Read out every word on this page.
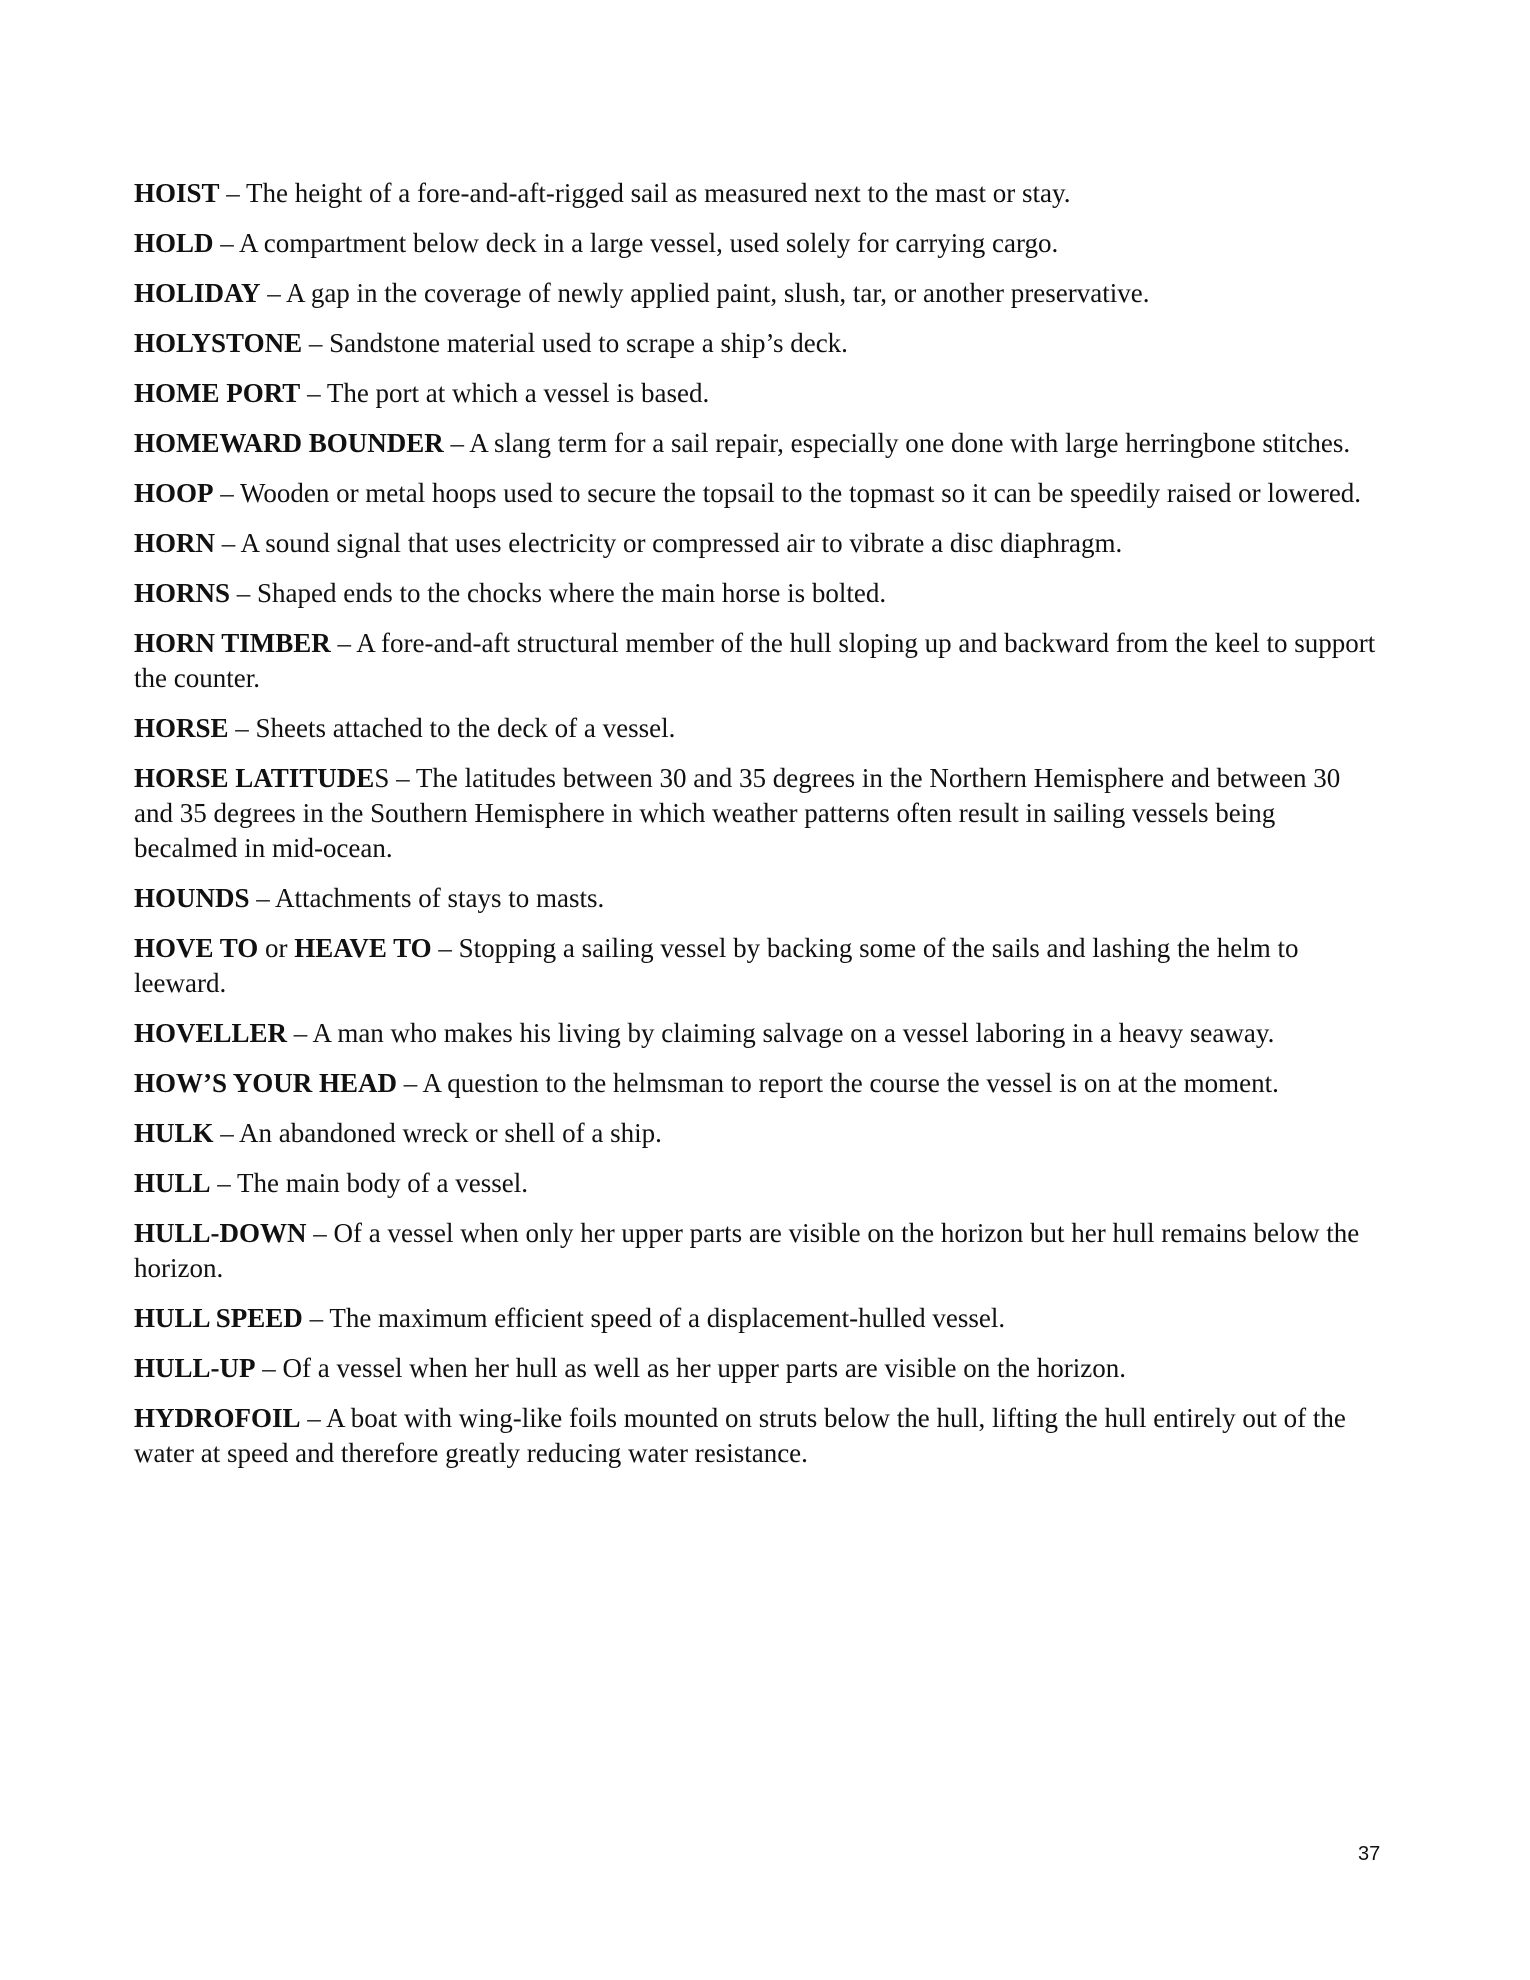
HOIST – The height of a fore-and-aft-rigged sail as measured next to the mast or stay.

HOLD – A compartment below deck in a large vessel, used solely for carrying cargo.

HOLIDAY – A gap in the coverage of newly applied paint, slush, tar, or another preservative.

HOLYSTONE – Sandstone material used to scrape a ship’s deck.

HOME PORT – The port at which a vessel is based.

HOMEWARD BOUNDER – A slang term for a sail repair, especially one done with large herringbone stitches.

HOOP – Wooden or metal hoops used to secure the topsail to the topmast so it can be speedily raised or lowered.

HORN – A sound signal that uses electricity or compressed air to vibrate a disc diaphragm.

HORNS – Shaped ends to the chocks where the main horse is bolted.

HORN TIMBER – A fore-and-aft structural member of the hull sloping up and backward from the keel to support the counter.

HORSE – Sheets attached to the deck of a vessel.

HORSE LATITUDES – The latitudes between 30 and 35 degrees in the Northern Hemisphere and between 30 and 35 degrees in the Southern Hemisphere in which weather patterns often result in sailing vessels being becalmed in mid-ocean.

HOUNDS – Attachments of stays to masts.

HOVE TO or HEAVE TO – Stopping a sailing vessel by backing some of the sails and lashing the helm to leeward.

HOVELLER – A man who makes his living by claiming salvage on a vessel laboring in a heavy seaway.

HOW’S YOUR HEAD – A question to the helmsman to report the course the vessel is on at the moment.

HULK – An abandoned wreck or shell of a ship.

HULL – The main body of a vessel.

HULL-DOWN – Of a vessel when only her upper parts are visible on the horizon but her hull remains below the horizon.

HULL SPEED – The maximum efficient speed of a displacement-hulled vessel.

HULL-UP – Of a vessel when her hull as well as her upper parts are visible on the horizon.

HYDROFOIL – A boat with wing-like foils mounted on struts below the hull, lifting the hull entirely out of the water at speed and therefore greatly reducing water resistance.

37
